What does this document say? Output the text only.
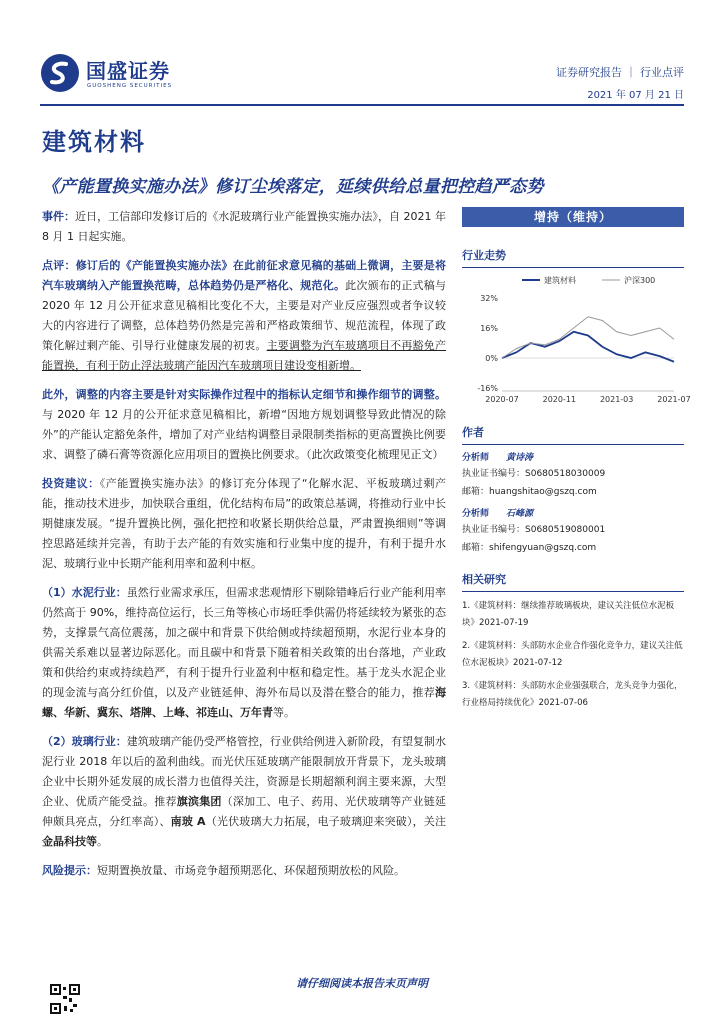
国盛证券
GUOSHENG SECURITIES
证券研究报告 ｜ 行业点评
2021 年 07 月 21 日
建筑材料
《产能置换实施办法》修订尘埃落定，延续供给总量把控趋严态势

事件：近日，工信部印发修订后的《水泥玻璃行业产能置换实施办法》，自 2021 年 8 月 1 日起实施。

点评：修订后的《产能置换实施办法》在此前征求意见稿的基础上微调，主要是将汽车玻璃纳入产能置换范畴，总体趋势仍是严格化、规范化。此次颁布的正式稿与 2020 年 12 月公开征求意见稿相比变化不大，主要是对产业反应强烈或者争议较大的内容进行了调整，总体趋势仍然是完善和严格政策细节、规范流程，体现了政策化解过剩产能、引导行业健康发展的初衷。主要调整为汽车玻璃项目不再豁免产能置换，有利于防止浮法玻璃产能因汽车玻璃项目建设变相新增。

此外，调整的内容主要是针对实际操作过程中的指标认定细节和操作细节的调整。与 2020 年 12 月的公开征求意见稿相比，新增“因地方规划调整导致此情况的除外”的产能认定豁免条件，增加了对产业结构调整目录限制类指标的更高置换比例要求、调整了磷石膏等资源化应用项目的置换比例要求。（此次政策变化梳理见正文）

投资建议：《产能置换实施办法》的修订充分体现了“化解水泥、平板玻璃过剩产能，推动技术进步，加快联合重组，优化结构布局”的政策总基调，将推动行业中长期健康发展。“提升置换比例，强化把控和收紧长期供给总量，严肃置换细则”等调控思路延续并完善，有助于去产能的有效实施和行业集中度的提升，有利于提升水泥、玻璃行业中长期产能利用率和盈利中枢。

（1）水泥行业：虽然行业需求承压，但需求悲观情形下剔除错峰后行业产能利用率仍然高于 90%，维持高位运行，长三角等核心市场旺季供需仍将延续较为紧张的态势，支撑景气高位震荡，加之碳中和背景下供给侧或持续超预期，水泥行业本身的供需关系难以显著边际恶化。而且碳中和背景下随着相关政策的出台落地，产业政策和供给约束或持续趋严，有利于提升行业盈利中枢和稳定性。基于龙头水泥企业的现金流与高分红价值，以及产业链延伸、海外布局以及潜在整合的能力，推荐海螺、华新、冀东、塔牌、上峰、祁连山、万年青等。

（2）玻璃行业：建筑玻璃产能仍受严格管控，行业供给例进入新阶段，有望复制水泥行业 2018 年以后的盈利曲线。而光伏压延玻璃产能限制放开背景下，龙头玻璃企业中长期外延发展的成长潜力也值得关注，资源是长期超额利润主要来源，大型企业、优质产能受益。推荐旗滨集团（深加工、电子、药用、光伏玻璃等产业链延伸颇具亮点，分红率高）、南玻 A（光伏玻璃大力拓展，电子玻璃迎来突破），关注金晶科技等。

风险提示：短期置换放量、市场竞争超预期恶化、环保超预期放松的风险。

增持（维持）
行业走势
32%
16%
0%
-16%
2020-07	2020-11	2021-03	2021-07
建筑材料	沪深300
作者
分析师	黄诗涛
执业证书编号： S0680518030009
邮箱： huangshitao@gszq.com
分析师	石峰源
执业证书编号： S0680519080001
邮箱： shifengyuan@gszq.com
相关研究
1.《建筑材料：继续推荐玻璃板块，建议关注低位水泥板块》2021-07-19
2.《建筑材料：头部防水企业合作强化竞争力，建议关注低位水泥板块》2021-07-12
3.《建筑材料：头部防水企业强强联合，龙头竞争力强化，行业格局持续优化》2021-07-06
请仔细阅读本报告末页声明
